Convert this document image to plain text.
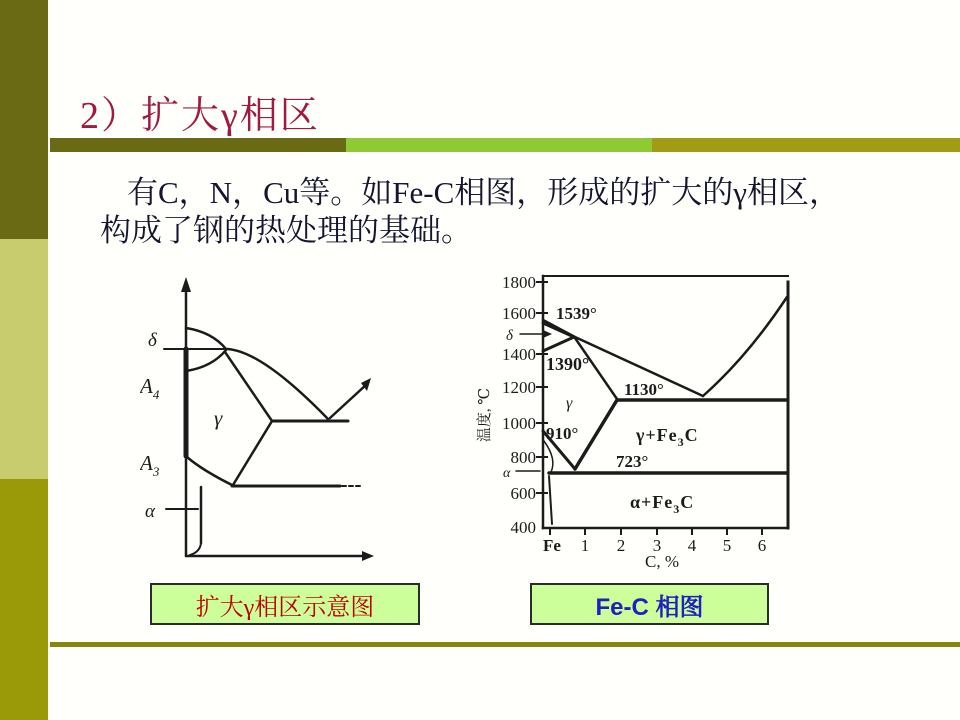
2）扩大γ相区
有C，N，Cu等。如Fe-C相图，形成的扩大的γ相区，
构成了钢的热处理的基础。
δ
$A_4$
γ
$A_3$
α
1800
1600
1400
1200
1000
800
600
400
Fe 1 2 3 4 5 6
C, %
温度, ℃
1539°
1390°
1130°
910°
723°
δ
γ
α
$\gamma+Fe_3C$
$\alpha+Fe_3C$
扩大γ相区示意图	Fe-C 相图
